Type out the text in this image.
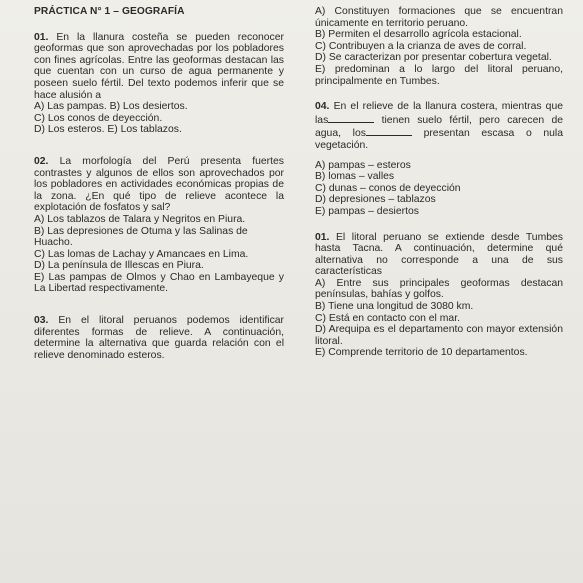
PRÁCTICA N° 1 – GEOGRAFÍA
01. En la llanura costeña se pueden reconocer geoformas que son aprovechadas por los pobladores con fines agrícolas. Entre las geoformas destacan las que cuentan con un curso de agua permanente y poseen suelo fértil. Del texto podemos inferir que se hace alusión a
A) Las pampas. B) Los desiertos.
C) Los conos de deyección.
D) Los esteros. E) Los tablazos.
02. La morfología del Perú presenta fuertes contrastes y algunos de ellos son aprovechados por los pobladores en actividades económicas propias de la zona. ¿En qué tipo de relieve acontece la explotación de fosfatos y sal?
A) Los tablazos de Talara y Negritos en Piura.
B) Las depresiones de Otuma y las Salinas de Huacho.
C) Las lomas de Lachay y Amancaes en Lima.
D) La península de Illescas en Piura.
E) Las pampas de Olmos y Chao en Lambayeque y La Libertad respectivamente.
03. En el litoral peruanos podemos identificar diferentes formas de relieve. A continuación, determine la alternativa que guarda relación con el relieve denominado esteros.
A) Constituyen formaciones que se encuentran únicamente en territorio peruano.
B) Permiten el desarrollo agrícola estacional.
C) Contribuyen a la crianza de aves de corral.
D) Se caracterizan por presentar cobertura vegetal.
E) predominan a lo largo del litoral peruano, principalmente en Tumbes.
04. En el relieve de la llanura costera, mientras que las	tienen suelo fértil, pero carecen de agua, los	presentan escasa o nula vegetación.
A) pampas – esteros
B) lomas – valles
C) dunas – conos de deyección
D) depresiones – tablazos
E) pampas – desiertos
01. El litoral peruano se extiende desde Tumbes hasta Tacna. A continuación, determine qué alternativa no corresponde a una de sus características
A) Entre sus principales geoformas destacan penínsulas, bahías y golfos.
B) Tiene una longitud de 3080 km.
C) Está en contacto con el mar.
D) Arequipa es el departamento con mayor extensión litoral.
E) Comprende territorio de 10 departamentos.
